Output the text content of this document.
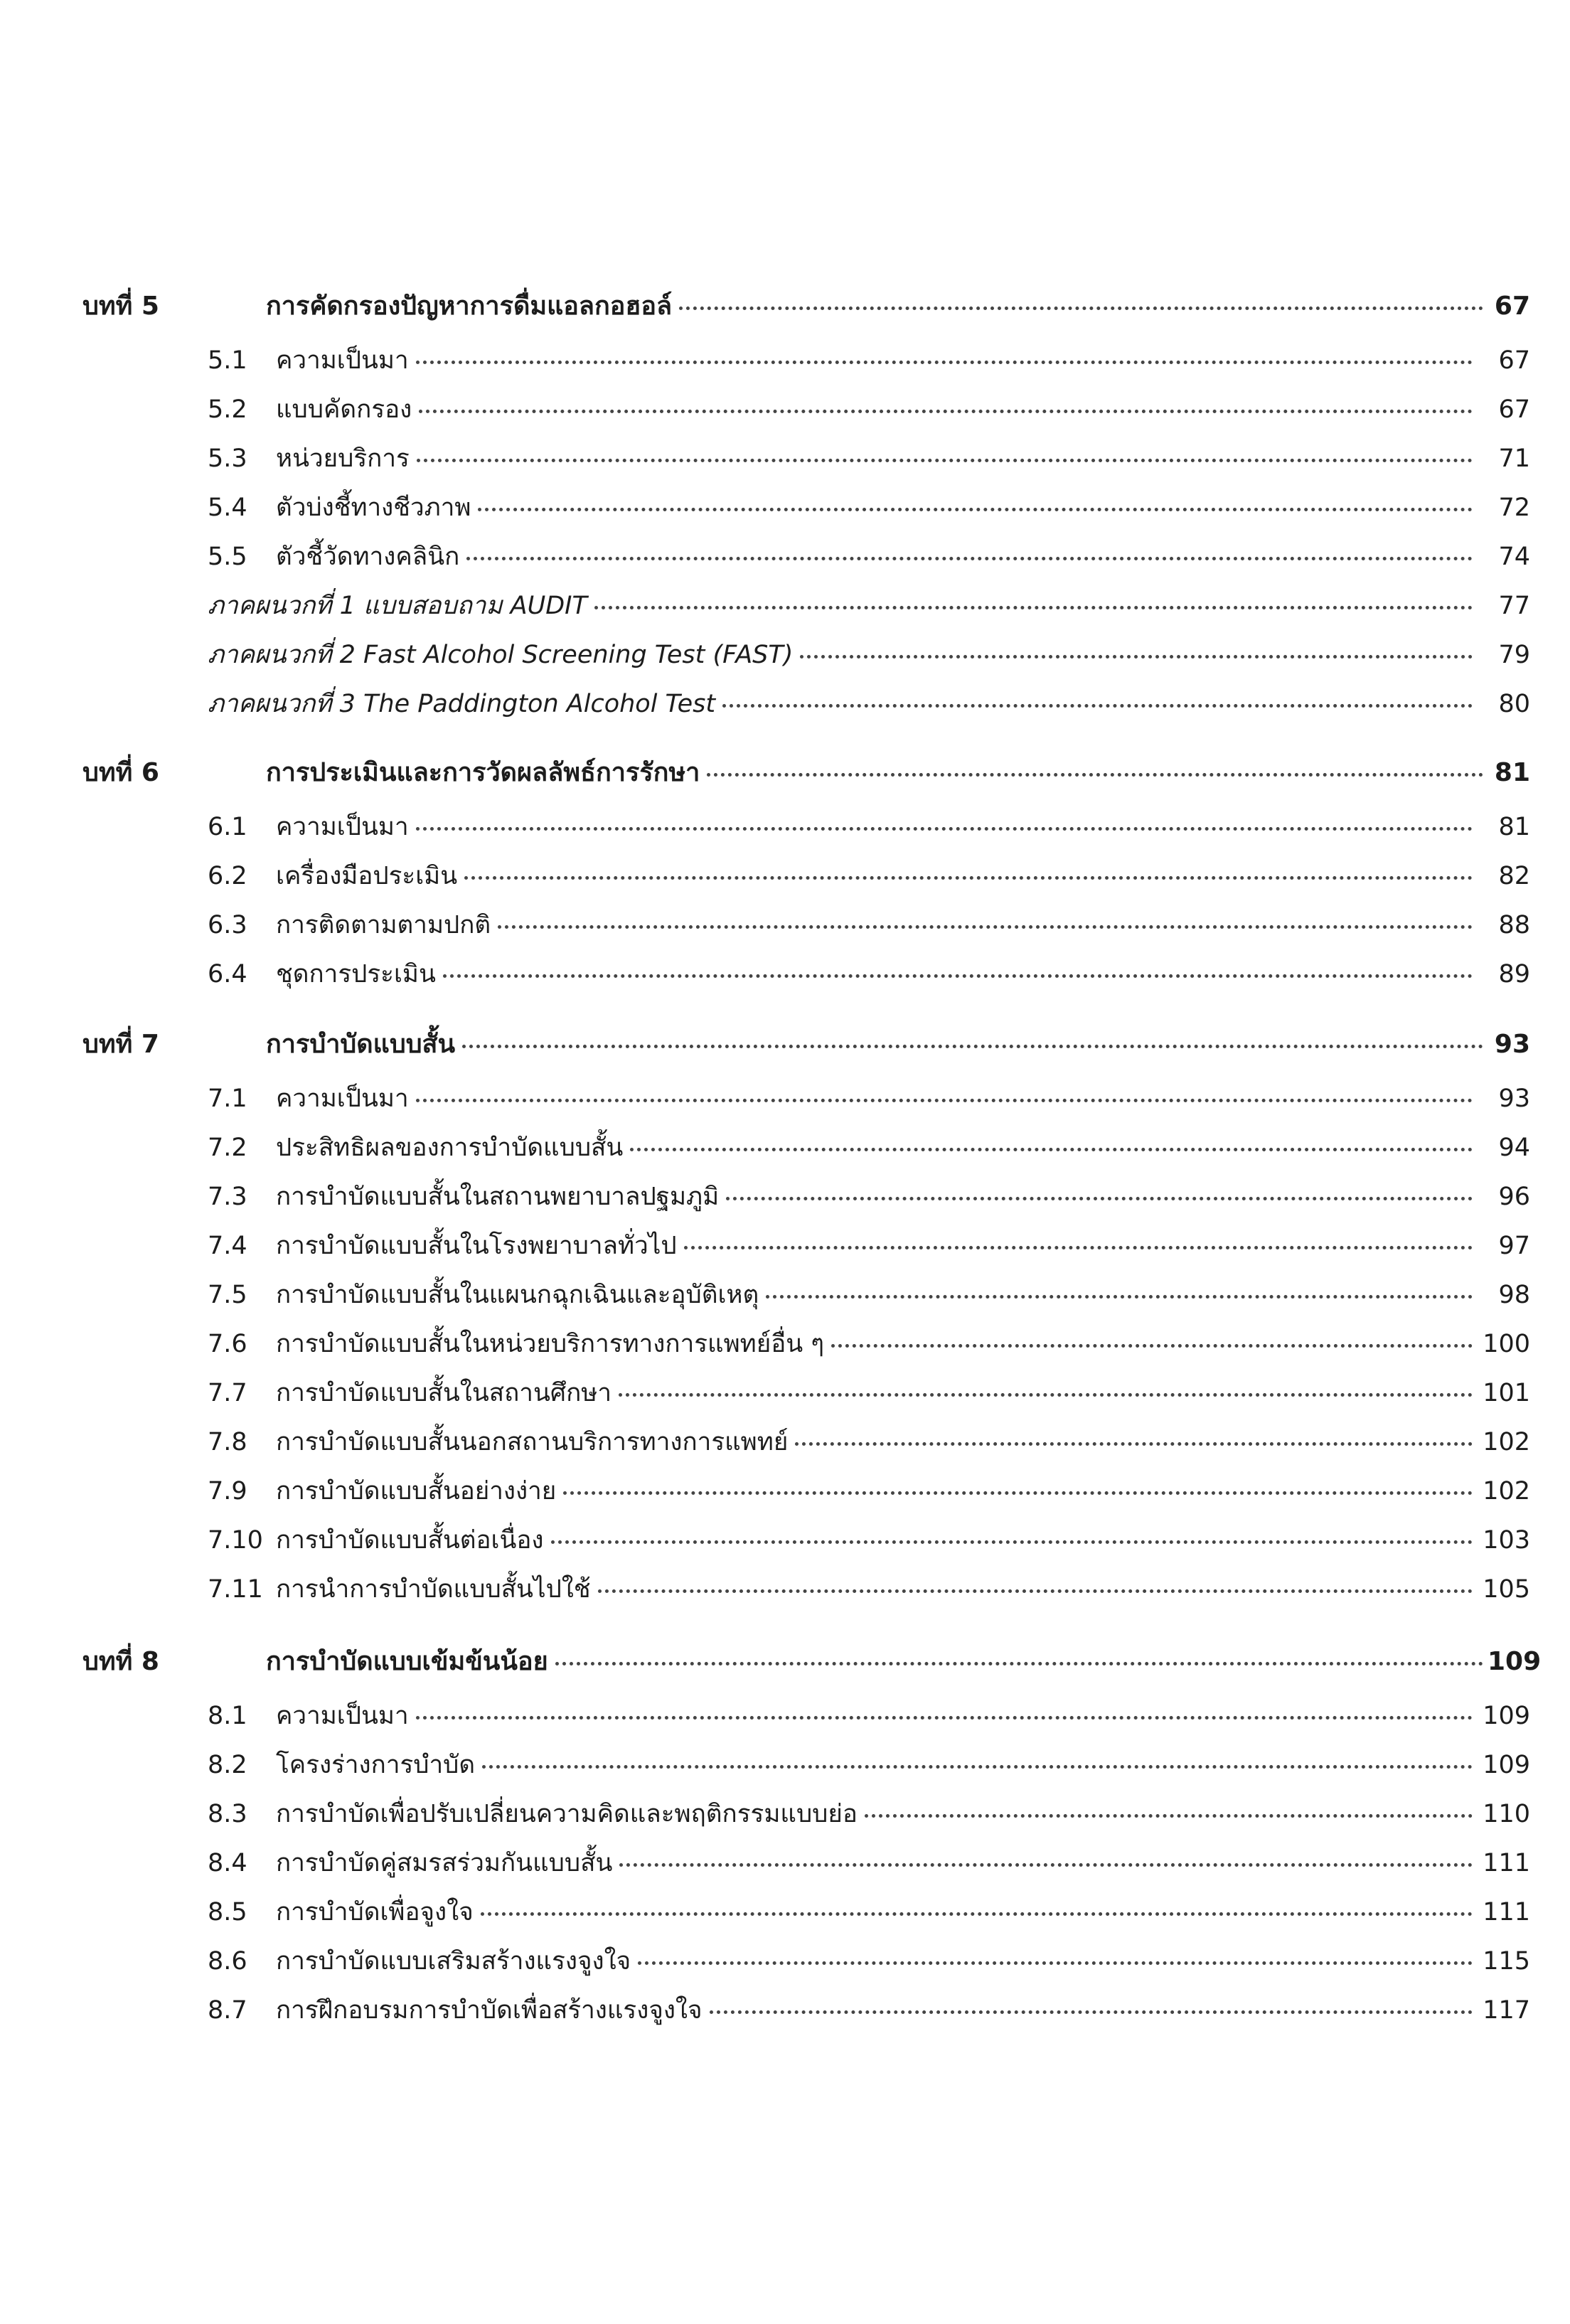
บทที่ 5	การคัดกรองปัญหาการดื่มแอลกอฮอล์	67
5.1	ความเป็นมา	67
5.2	แบบคัดกรอง	67
5.3	หน่วยบริการ	71
5.4	ตัวบ่งชี้ทางชีวภาพ	72
5.5	ตัวชี้วัดทางคลินิก	74
ภาคผนวกที่ 1 แบบสอบถาม AUDIT	77
ภาคผนวกที่ 2 Fast Alcohol Screening Test (FAST)	79
ภาคผนวกที่ 3 The Paddington Alcohol Test	80
บทที่ 6	การประเมินและการวัดผลลัพธ์การรักษา	81
6.1	ความเป็นมา	81
6.2	เครื่องมือประเมิน	82
6.3	การติดตามตามปกติ	88
6.4	ชุดการประเมิน	89
บทที่ 7	การบำบัดแบบสั้น	93
7.1	ความเป็นมา	93
7.2	ประสิทธิผลของการบำบัดแบบสั้น	94
7.3	การบำบัดแบบสั้นในสถานพยาบาลปฐมภูมิ	96
7.4	การบำบัดแบบสั้นในโรงพยาบาลทั่วไป	97
7.5	การบำบัดแบบสั้นในแผนกฉุกเฉินและอุบัติเหตุ	98
7.6	การบำบัดแบบสั้นในหน่วยบริการทางการแพทย์อื่น ๆ	100
7.7	การบำบัดแบบสั้นในสถานศึกษา	101
7.8	การบำบัดแบบสั้นนอกสถานบริการทางการแพทย์	102
7.9	การบำบัดแบบสั้นอย่างง่าย	102
7.10 การบำบัดแบบสั้นต่อเนื่อง	103
7.11 การนำการบำบัดแบบสั้นไปใช้	105
บทที่ 8	การบำบัดแบบเข้มข้นน้อย	109
8.1	ความเป็นมา	109
8.2	โครงร่างการบำบัด	109
8.3	การบำบัดเพื่อปรับเปลี่ยนความคิดและพฤติกรรมแบบย่อ	110
8.4	การบำบัดคู่สมรสร่วมกันแบบสั้น	111
8.5	การบำบัดเพื่อจูงใจ	111
8.6	การบำบัดแบบเสริมสร้างแรงจูงใจ	115
8.7	การฝึกอบรมการบำบัดเพื่อสร้างแรงจูงใจ	117
